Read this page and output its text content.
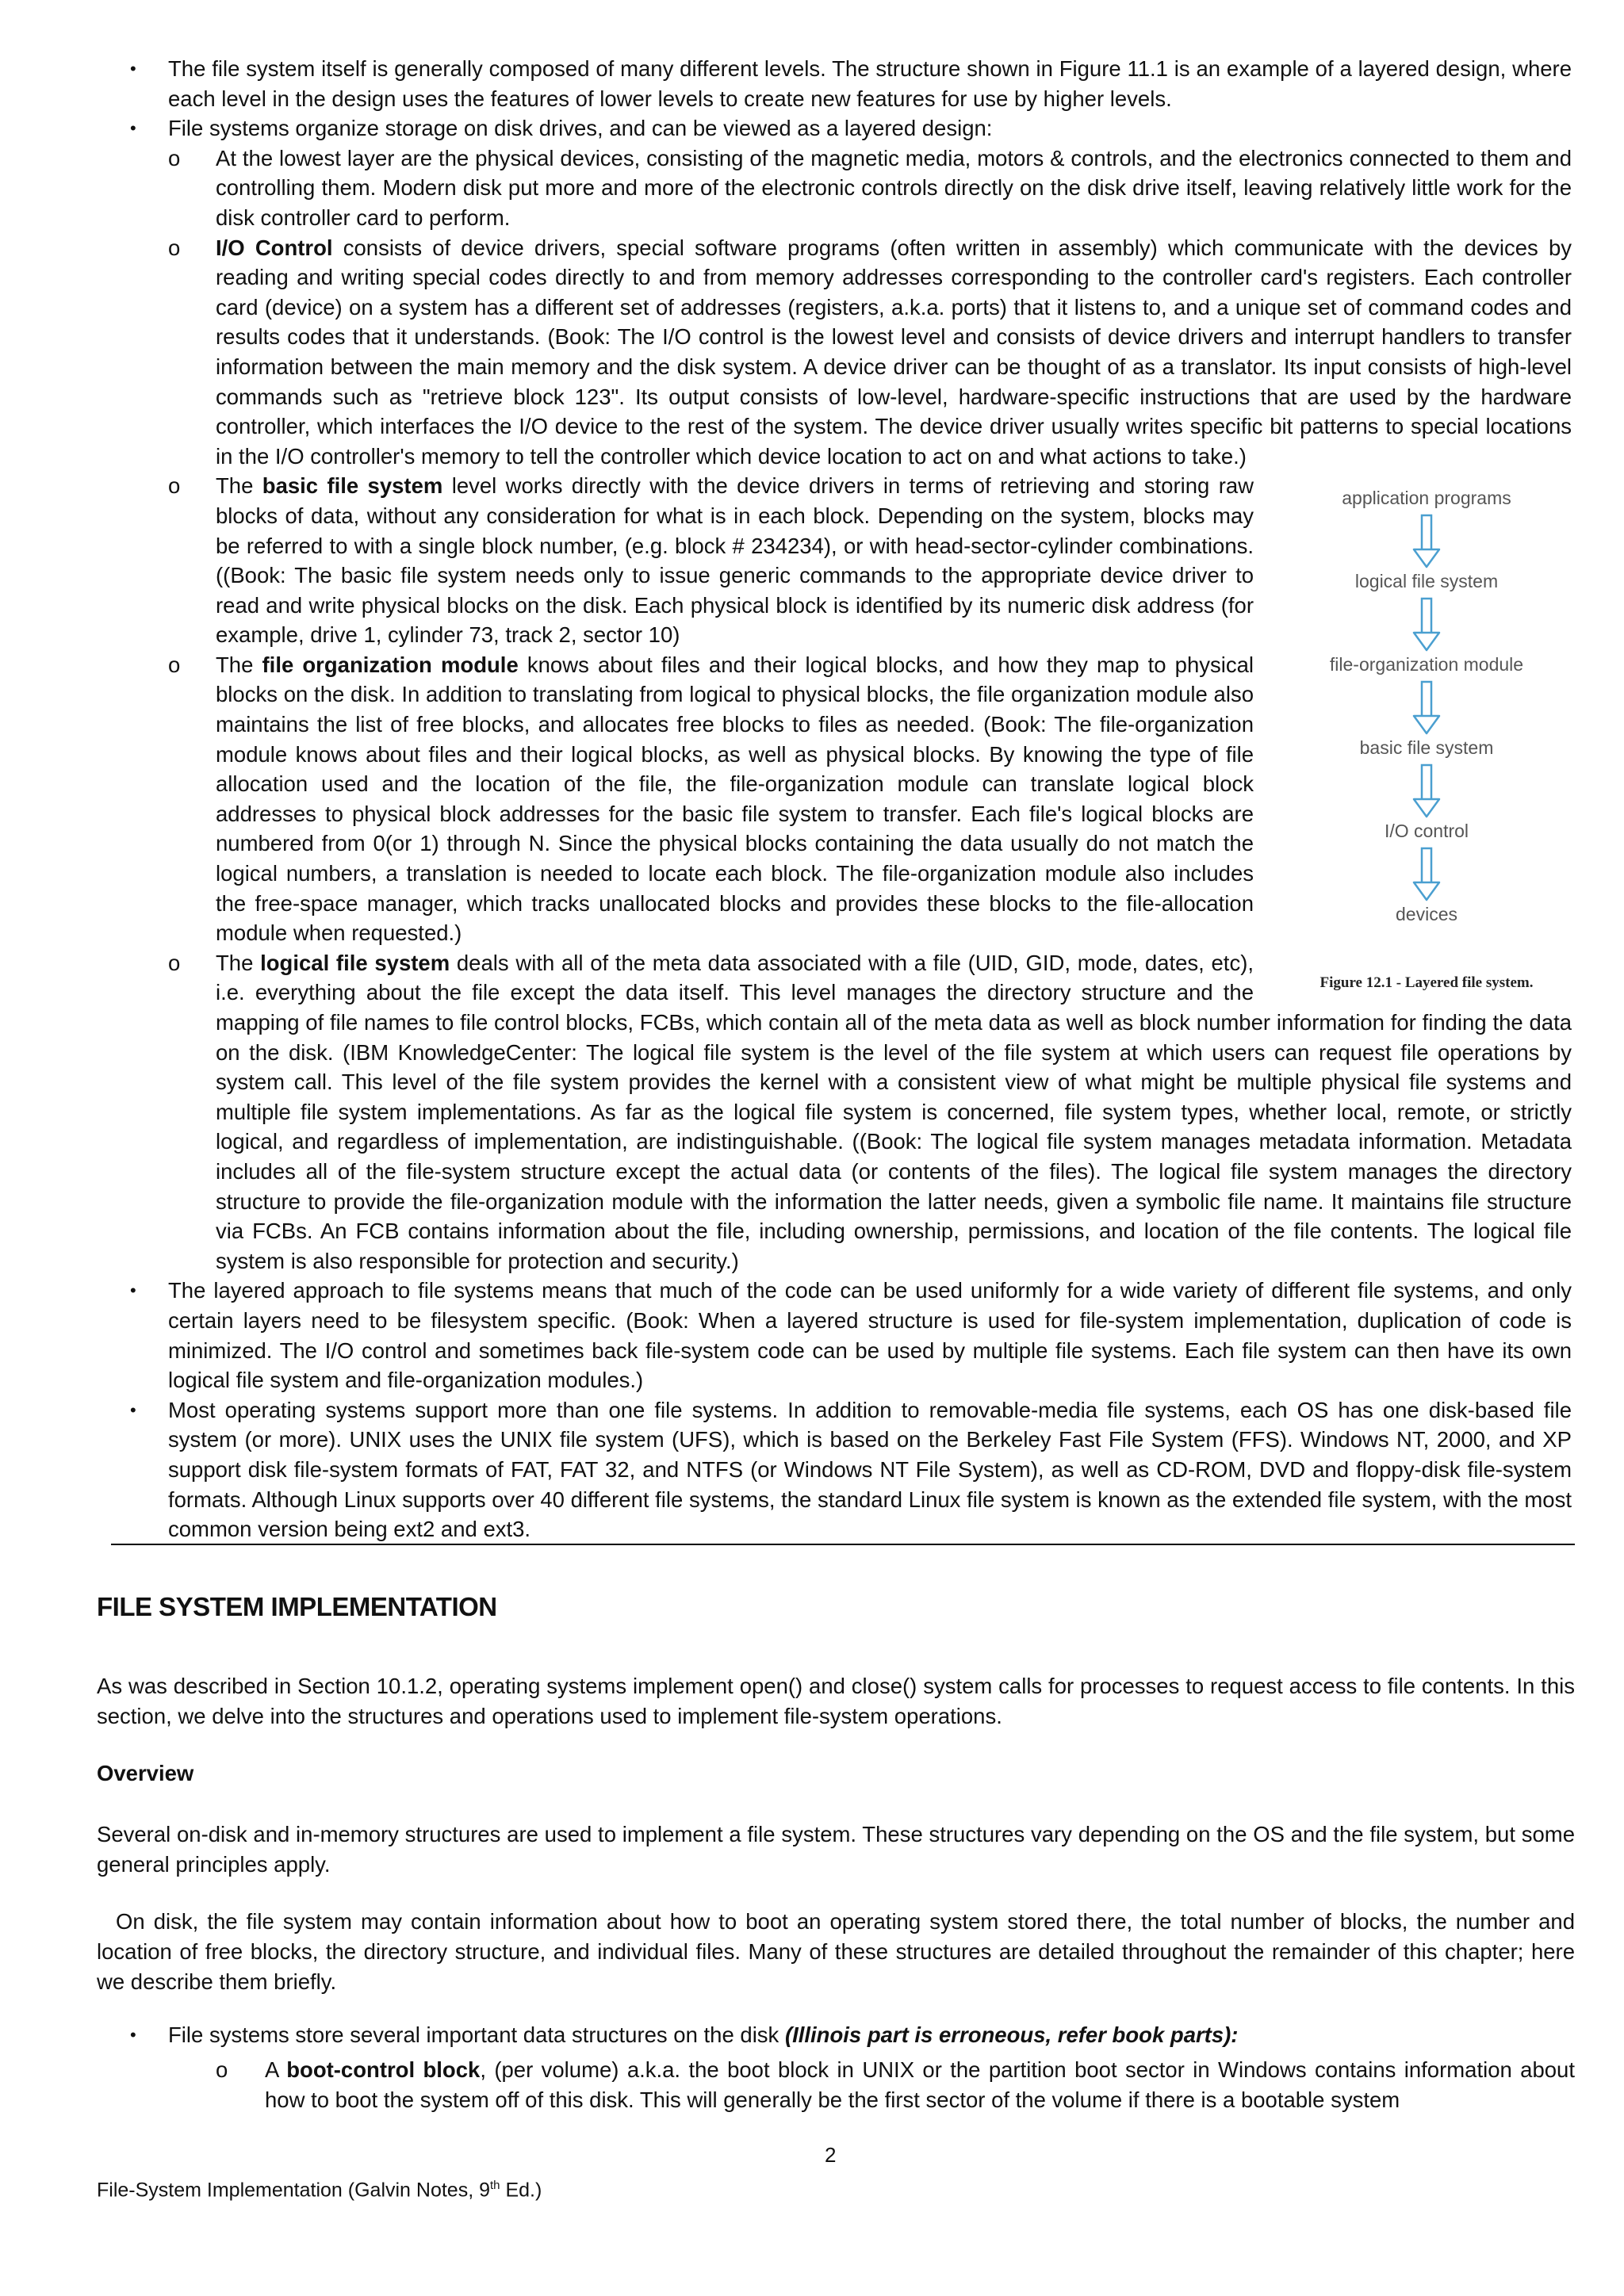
• The file system itself is generally composed of many different levels. The structure shown in Figure 11.1 is an example of a layered design, where each level in the design uses the features of lower levels to create new features for use by higher levels.
• File systems organize storage on disk drives, and can be viewed as a layered design:
o At the lowest layer are the physical devices, consisting of the magnetic media, motors & controls, and the electronics connected to them and controlling them. Modern disk put more and more of the electronic controls directly on the disk drive itself, leaving relatively little work for the disk controller card to perform.
o I/O Control consists of device drivers, special software programs (often written in assembly) which communicate with the devices by reading and writing special codes directly to and from memory addresses corresponding to the controller card's registers. Each controller card (device) on a system has a different set of addresses (registers, a.k.a. ports) that it listens to, and a unique set of command codes and results codes that it understands. (Book: The I/O control is the lowest level and consists of device drivers and interrupt handlers to transfer information between the main memory and the disk system. A device driver can be thought of as a translator. Its input consists of high-level commands such as "retrieve block 123". Its output consists of low-level, hardware-specific instructions that are used by the hardware controller, which interfaces the I/O device to the rest of the system. The device driver usually writes specific bit patterns to special locations in the I/O controller's memory to tell the controller which device location to act on and what actions to take.)
o	application programs
logical file system
file-organization module
basic file system
I/O control
devices
Figure 12.1 - Layered file system.
The basic file system level works directly with the device drivers in terms of retrieving and storing raw blocks of data, without any consideration for what is in each block. Depending on the system, blocks may be referred to with a single block number, (e.g. block # 234234), or with head-sector-cylinder combinations. ((Book: The basic file system needs only to issue generic commands to the appropriate device driver to read and write physical blocks on the disk. Each physical block is identified by its numeric disk address (for example, drive 1, cylinder 73, track 2, sector 10)
o The file organization module knows about files and their logical blocks, and how they map to physical blocks on the disk. In addition to translating from logical to physical blocks, the file organization module also maintains the list of free blocks, and allocates free blocks to files as needed. (Book: The file-organization module knows about files and their logical blocks, as well as physical blocks. By knowing the type of file allocation used and the location of the file, the file-organization module can translate logical block addresses to physical block addresses for the basic file system to transfer. Each file's logical blocks are numbered from 0(or 1) through N. Since the physical blocks containing the data usually do not match the logical numbers, a translation is needed to locate each block. The file-organization module also includes the free-space manager, which tracks unallocated blocks and provides these blocks to the file-allocation module when requested.)
o The logical file system deals with all of the meta data associated with a file (UID, GID, mode, dates, etc), i.e. everything about the file except the data itself. This level manages the directory structure and the mapping of file names to file control blocks, FCBs, which contain all of the meta data as well as block number information for finding the data on the disk. (IBM KnowledgeCenter: The logical file system is the level of the file system at which users can request file operations by system call. This level of the file system provides the kernel with a consistent view of what might be multiple physical file systems and multiple file system implementations. As far as the logical file system is concerned, file system types, whether local, remote, or strictly logical, and regardless of implementation, are indistinguishable. ((Book: The logical file system manages metadata information. Metadata includes all of the file-system structure except the actual data (or contents of the files). The logical file system manages the directory structure to provide the file-organization module with the information the latter needs, given a symbolic file name. It maintains file structure via FCBs. An FCB contains information about the file, including ownership, permissions, and location of the file contents. The logical file system is also responsible for protection and security.)
• The layered approach to file systems means that much of the code can be used uniformly for a wide variety of different file systems, and only certain layers need to be filesystem specific. (Book: When a layered structure is used for file-system implementation, duplication of code is minimized. The I/O control and sometimes back file-system code can be used by multiple file systems. Each file system can then have its own logical file system and file-organization modules.)
• Most operating systems support more than one file systems. In addition to removable-media file systems, each OS has one disk-based file system (or more). UNIX uses the UNIX file system (UFS), which is based on the Berkeley Fast File System (FFS). Windows NT, 2000, and XP support disk file-system formats of FAT, FAT 32, and NTFS (or Windows NT File System), as well as CD-ROM, DVD and floppy-disk file-system formats. Although Linux supports over 40 different file systems, the standard Linux file system is known as the extended file system, with the most common version being ext2 and ext3.
FILE SYSTEM IMPLEMENTATION
As was described in Section 10.1.2, operating systems implement open() and close() system calls for processes to request access to file contents. In this section, we delve into the structures and operations used to implement file-system operations.
Overview
Several on-disk and in-memory structures are used to implement a file system. These structures vary depending on the OS and the file system, but some general principles apply.
On disk, the file system may contain information about how to boot an operating system stored there, the total number of blocks, the number and location of free blocks, the directory structure, and individual files. Many of these structures are detailed throughout the remainder of this chapter; here we describe them briefly.
• File systems store several important data structures on the disk (Illinois part is erroneous, refer book parts):
o A boot-control block, (per volume) a.k.a. the boot block in UNIX or the partition boot sector in Windows contains information about how to boot the system off of this disk. This will generally be the first sector of the volume if there is a bootable system
2
File-System Implementation (Galvin Notes, 9th Ed.)
